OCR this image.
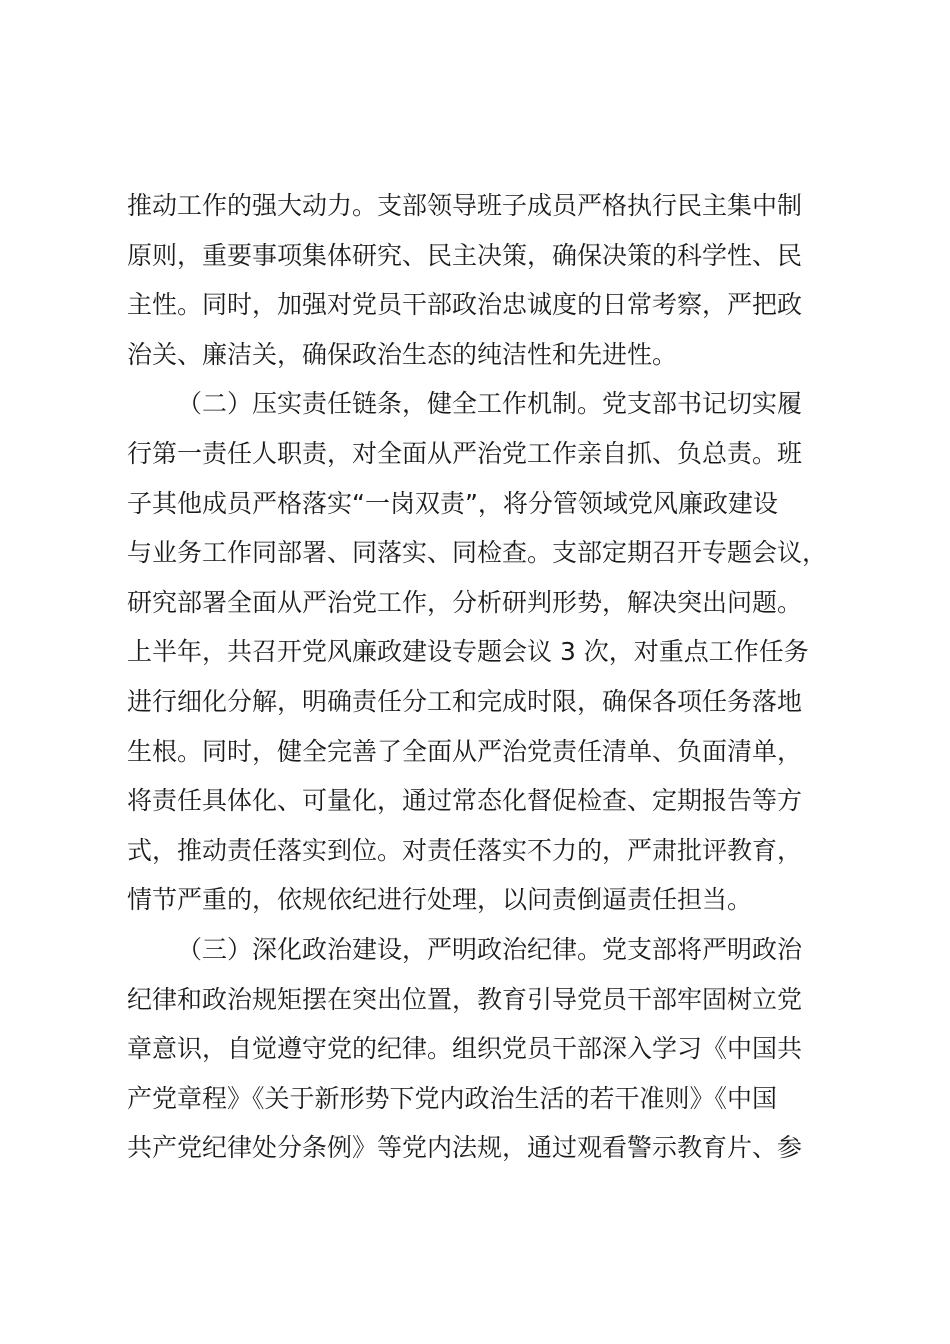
推动工作的强大动力。支部领导班子成员严格执行民主集中制
原则，重要事项集体研究、民主决策，确保决策的科学性、民
主性。同时，加强对党员干部政治忠诚度的日常考察，严把政
治关、廉洁关，确保政治生态的纯洁性和先进性。
（二）压实责任链条，健全工作机制。党支部书记切实履
行第一责任人职责，对全面从严治党工作亲自抓、负总责。班
子其他成员严格落实“一岗双责”，将分管领域党风廉政建设
与业务工作同部署、同落实、同检查。支部定期召开专题会议，
研究部署全面从严治党工作，分析研判形势，解决突出问题。
上半年，共召开党风廉政建设专题会议 3 次，对重点工作任务
进行细化分解，明确责任分工和完成时限，确保各项任务落地
生根。同时，健全完善了全面从严治党责任清单、负面清单，
将责任具体化、可量化，通过常态化督促检查、定期报告等方
式，推动责任落实到位。对责任落实不力的，严肃批评教育，
情节严重的，依规依纪进行处理，以问责倒逼责任担当。
（三）深化政治建设，严明政治纪律。党支部将严明政治
纪律和政治规矩摆在突出位置，教育引导党员干部牢固树立党
章意识，自觉遵守党的纪律。组织党员干部深入学习《中国共
产党章程》《关于新形势下党内政治生活的若干准则》《中国
共产党纪律处分条例》等党内法规，通过观看警示教育片、参
